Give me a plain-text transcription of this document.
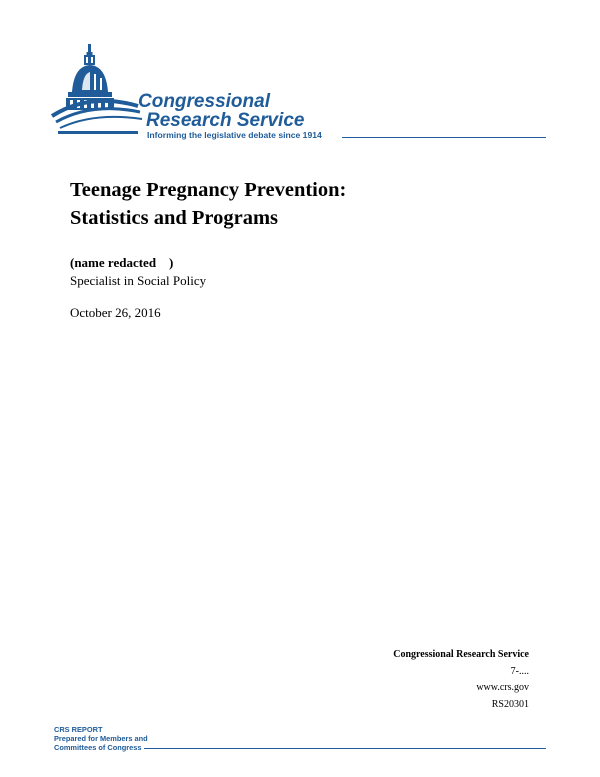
Congressional
Research Service
Informing the legislative debate since 1914
Teenage Pregnancy Prevention:
Statistics and Programs
(name redacted    )
Specialist in Social Policy
October 26, 2016
Congressional Research Service
7-....
www.crs.gov
RS20301
CRS REPORT
Prepared for Members and
Committees of Congress
